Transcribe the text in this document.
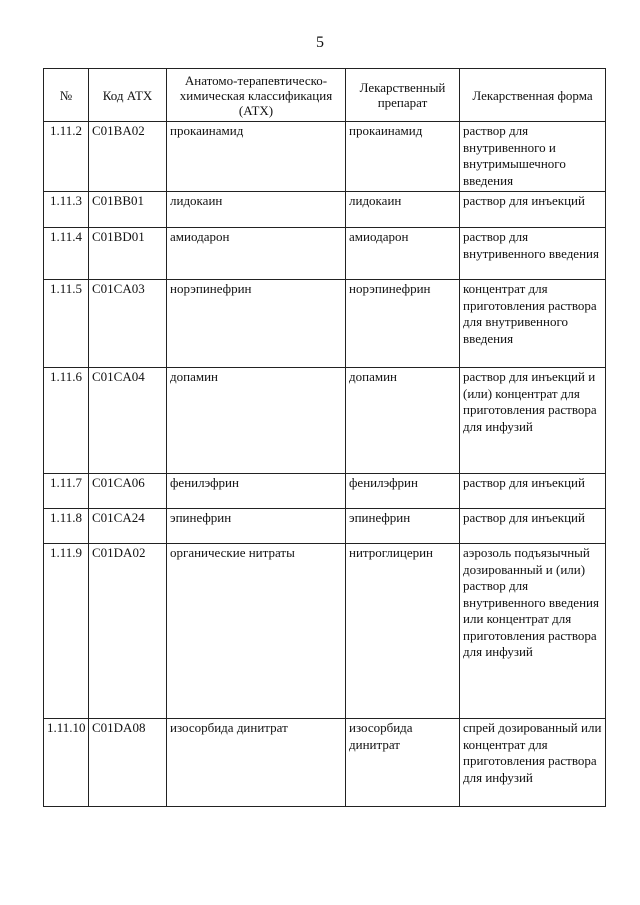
5
№	Код АТХ	Анатомо-терапевтическо-химическая классификация (АТХ)	Лекарственный препарат	Лекарственная форма
1.11.2	C01BA02	прокаинамид	прокаинамид	раствор для внутривенного и внутримышечного введения
1.11.3	C01BB01	лидокаин	лидокаин	раствор для инъекций
1.11.4	C01BD01	амиодарон	амиодарон	раствор для внутривенного введения
1.11.5	C01CA03	норэпинефрин	норэпинефрин	концентрат для приготовления раствора для внутривенного введения
1.11.6	C01CA04	допамин	допамин	раствор для инъекций и (или) концентрат для приготовления раствора для инфузий
1.11.7	C01CA06	фенилэфрин	фенилэфрин	раствор для инъекций
1.11.8	C01CA24	эпинефрин	эпинефрин	раствор для инъекций
1.11.9	C01DA02	органические нитраты	нитроглицерин	аэрозоль подъязычный дозированный и (или) раствор для внутривенного введения или концентрат для приготовления раствора для инфузий
1.11.10	C01DA08	изосорбида динитрат	изосорбида динитрат	спрей дозированный или концентрат для приготовления раствора для инфузий
